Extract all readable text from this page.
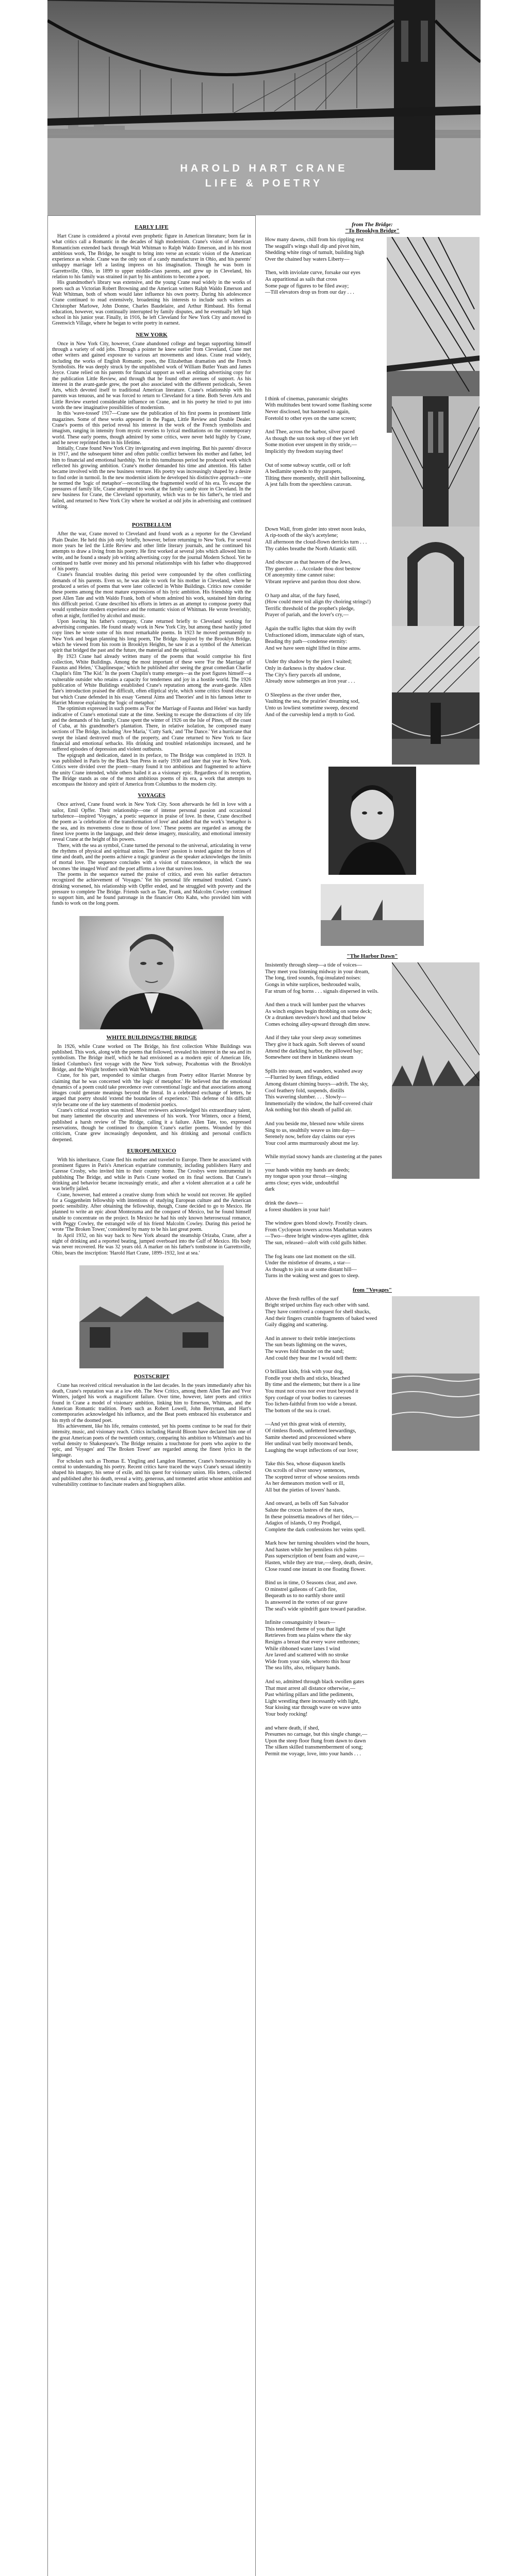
HAROLD HART CRANE
LIFE & POETRY
EARLY LIFE

Hart Crane is considered a pivotal even prophetic figure in American literature; born far in what critics call a Romantic in the decades of high modernism. Crane's vision of American Romanticism extended back through Walt Whitman to Ralph Waldo Emerson, and in his most ambitious work, The Bridge, he sought to bring into verse an ecstatic vision of the American experience as whole. Crane was the only son of a candy manufacturer in Ohio, and his parents' unhappy marriage left a lasting impress on his imagination. Though he was born in Garrettsville, Ohio, in 1899 to upper middle-class parents, and grew up in Cleveland, his relation to his family was strained in part by his ambitions to become a poet.

His grandmother's library was extensive, and the young Crane read widely in the works of poets such as Victorian Robert Browning and the American writers Ralph Waldo Emerson and Walt Whitman, both of whom would later influence his own poetry. During his adolescence Crane continued to read extensively, broadening his interests to include such writers as Christopher Marlowe, John Donne, Charles Baudelaire, and Arthur Rimbaud. His formal education, however, was continually interrupted by family disputes, and he eventually left high school in his junior year. Finally, in 1916, he left Cleveland for New York City and moved to Greenwich Village, where he began to write poetry in earnest.

NEW YORK

Once in New York City, however, Crane abandoned college and began supporting himself through a variety of odd jobs. Through a pointer he knew earlier from Cleveland, Crane met other writers and gained exposure to various art movements and ideas. Crane read widely, including the works of English Romantic poets, the Elizabethan dramatists and the French Symbolists. He was deeply struck by the unpublished work of William Butler Yeats and James Joyce. Crane relied on his parents for financial support as well as editing advertising copy for the publication Little Review, and through that he found other avenues of support. As his interest in the avant-garde grew, the poet also associated with the different periodicals, Seven Arts, which devoted itself to traditional American literature. Crane's relationship with his parents was tenuous, and he was forced to return to Cleveland for a time. Both Seven Arts and Little Review exerted considerable influence on Crane, and in his poetry he tried to put into words the new imaginative possibilities of modernism.

In this 'wave-tossed' 1917—Crane saw the publication of his first poems in prominent little magazines. Some of these works appeared in the Pagan, Little Review and Double Dealer. Crane's poems of this period reveal his interest in the work of the French symbolists and imagism, ranging in intensity from mystic reveries to lyrical meditations on the contemporary world. These early poems, though admired by some critics, were never held highly by Crane, and he never reprinted them in his lifetime.

Initially, Crane found New York City invigorating and even inspiring. But his parents' divorce in 1917, and the subsequent bitter and often public conflict between his mother and father, led him to financial and emotional hardship. Yet in this tumultuous period he produced work which reflected his growing ambition. Crane's mother demanded his time and attention. His father became involved with the new business venture. His poetry was increasingly shaped by a desire to find order in turmoil. In the new modernist idiom he developed his distinctive approach—one he termed the 'logic of metaphor'—reconciling the fragmented world of his era. To escape the pressures of family life, Crane attempted to work at the family candy store in Cleveland. In the new business for Crane, the Cleveland opportunity, which was to be his father's, he tried and failed, and returned to New York City where he worked at odd jobs in advertising and continued writing.

POSTBELLUM

After the war, Crane moved to Cleveland and found work as a reporter for the Cleveland Plain Dealer. He held this job only briefly, however, before returning to New York. For several more years he led the Little Review and other little literary journals, and he continued his attempts to draw a living from his poetry. He first worked at several jobs which allowed him to write, and he found a steady job writing advertising copy for the journal Modern School. Yet he continued to battle over money and his personal relationships with his father who disapproved of his poetry.

Crane's financial troubles during this period were compounded by the often conflicting demands of his parents. Even so, he was able to work for his mother in Cleveland, where he produced a series of poems that were later collected in White Buildings. Critics now consider these poems among the most mature expressions of his lyric ambition. His friendship with the poet Allen Tate and with Waldo Frank, both of whom admired his work, sustained him during this difficult period. Crane described his efforts in letters as an attempt to compose poetry that would synthesize modern experience and the romantic vision of Whitman. He wrote feverishly, often at night, fortified by alcohol and music.

Upon leaving his father's company, Crane returned briefly to Cleveland working for advertising companies. He found steady work in New York City, but among these hastily jotted copy lines he wrote some of his most remarkable poems. In 1923 he moved permanently to New York and began planning his long poem, The Bridge. Inspired by the Brooklyn Bridge, which he viewed from his room in Brooklyn Heights, he saw it as a symbol of the American spirit that bridged the past and the future, the material and the spiritual.

By 1923 Crane had already written many of the poems that would comprise his first collection, White Buildings. Among the most important of these were 'For the Marriage of Faustus and Helen,' 'Chaplinesque,' which he published after seeing the great comedian Charlie Chaplin's film 'The Kid.' In the poem Chaplin's tramp emerges—as the poet figures himself—a vulnerable outsider who retains a capacity for tenderness and joy in a hostile world. The 1926 publication of White Buildings established Crane's reputation among the avant-garde. Allen Tate's introduction praised the difficult, often elliptical style, which some critics found obscure but which Crane defended in his essay 'General Aims and Theories' and in his famous letter to Harriet Monroe explaining the 'logic of metaphor.'

The optimism expressed in such poems as 'For the Marriage of Faustus and Helen' was hardly indicative of Crane's emotional state at the time. Seeking to escape the distractions of city life and the demands of his family, Crane spent the winter of 1926 on the Isle of Pines, off the coast of Cuba, at his grandmother's plantation. There, in relative isolation, he composed many sections of The Bridge, including 'Ave Maria,' 'Cutty Sark,' and 'The Dance.' Yet a hurricane that swept the island destroyed much of the property, and Crane returned to New York to face financial and emotional setbacks. His drinking and troubled relationships increased, and he suffered episodes of depression and violent outbursts.

The epigraph and dedication, dated in its preface, to The Bridge was completed in 1929. It was published in Paris by the Black Sun Press in early 1930 and later that year in New York. Critics were divided over the poem—many found it too ambitious and fragmented to achieve the unity Crane intended, while others hailed it as a visionary epic. Regardless of its reception, The Bridge stands as one of the most ambitious poems of its era, a work that attempts to encompass the history and spirit of America from Columbus to the modern city.

VOYAGES

Once arrived, Crane found work in New York City. Soon afterwards he fell in love with a sailor, Emil Opffer. Their relationship—one of intense personal passion and occasional turbulence—inspired 'Voyages,' a poetic sequence in praise of love. In these, Crane described the poem as 'a celebration of the transformation of love' and added that the work's 'metaphor is the sea, and its movements close to those of love.' These poems are regarded as among the finest love poems in the language, and their dense imagery, musicality, and emotional intensity reveal Crane at the height of his powers.

There, with the sea as symbol, Crane turned the personal to the universal, articulating in verse the rhythms of physical and spiritual union. The lovers' passion is tested against the forces of time and death, and the poems achieve a tragic grandeur as the speaker acknowledges the limits of mortal love. The sequence concludes with a vision of transcendence, in which the sea becomes 'the imaged Word' and the poet affirms a love that survives loss.

The poems in the sequence earned the praise of critics, and even his earlier detractors recognized the achievement of 'Voyages.' Yet his personal life remained troubled. Crane's drinking worsened, his relationship with Opffer ended, and he struggled with poverty and the pressure to complete The Bridge. Friends such as Tate, Frank, and Malcolm Cowley continued to support him, and he found patronage in the financier Otto Kahn, who provided him with funds to work on the long poem.

WHITE BUILDINGS/THE BRIDGE

In 1926, while Crane worked on The Bridge, his first collection White Buildings was published. This work, along with the poems that followed, revealed his interest in the sea and its symbolism. The Bridge itself, which he had envisioned as a modern epic of American life, linked Columbus's first voyage with the New York subway, Pocahontas with the Brooklyn Bridge, and the Wright brothers with Walt Whitman.

Crane, for his part, responded to similar charges from Poetry editor Harriet Monroe by claiming that he was concerned with 'the logic of metaphor.' He believed that the emotional dynamics of a poem could take precedence over conventional logic and that associations among images could generate meanings beyond the literal. In a celebrated exchange of letters, he argued that poetry should 'extend the boundaries of experience.' This defense of his difficult style became one of the key statements of modernist poetics.

Crane's critical reception was mixed. Most reviewers acknowledged his extraordinary talent, but many lamented the obscurity and unevenness of his work. Yvor Winters, once a friend, published a harsh review of The Bridge, calling it a failure. Allen Tate, too, expressed reservations, though he continued to champion Crane's earlier poems. Wounded by this criticism, Crane grew increasingly despondent, and his drinking and personal conflicts deepened.

EUROPE/MEXICO

With his inheritance, Crane fled his mother and traveled to Europe. There he associated with prominent figures in Paris's American expatriate community, including publishers Harry and Caresse Crosby, who invited him to their country home. The Crosbys were instrumental in publishing The Bridge, and while in Paris Crane worked on its final sections. But Crane's drinking and behavior became increasingly erratic, and after a violent altercation at a café he was briefly jailed.

Crane, however, had entered a creative slump from which he would not recover. He applied for a Guggenheim fellowship with intentions of studying European culture and the American poetic sensibility. After obtaining the fellowship, though, Crane decided to go to Mexico. He planned to write an epic about Montezuma and the conquest of Mexico, but he found himself unable to concentrate on the project. In Mexico he had his only known heterosexual romance, with Peggy Cowley, the estranged wife of his friend Malcolm Cowley. During this period he wrote 'The Broken Tower,' considered by many to be his last great poem.

In April 1932, on his way back to New York aboard the steamship Orizaba, Crane, after a night of drinking and a reported beating, jumped overboard into the Gulf of Mexico. His body was never recovered. He was 32 years old. A marker on his father's tombstone in Garrettsville, Ohio, bears the inscription: 'Harold Hart Crane, 1899–1932, lost at sea.'

POSTSCRIPT

Crane has received critical reevaluation in the last decades. In the years immediately after his death, Crane's reputation was at a low ebb. The New Critics, among them Allen Tate and Yvor Winters, judged his work a magnificent failure. Over time, however, later poets and critics found in Crane a model of visionary ambition, linking him to Emerson, Whitman, and the American Romantic tradition. Poets such as Robert Lowell, John Berryman, and Hart's contemporaries acknowledged his influence, and the Beat poets embraced his exuberance and his myth of the doomed poet.

His achievement, like his life, remains contested, yet his poems continue to be read for their intensity, music, and visionary reach. Critics including Harold Bloom have declared him one of the great American poets of the twentieth century, comparing his ambition to Whitman's and his verbal density to Shakespeare's. The Bridge remains a touchstone for poets who aspire to the epic, and 'Voyages' and 'The Broken Tower' are regarded among the finest lyrics in the language.

For scholars such as Thomas E. Yingling and Langdon Hammer, Crane's homosexuality is central to understanding his poetry. Recent critics have traced the ways Crane's sexual identity shaped his imagery, his sense of exile, and his quest for visionary union. His letters, collected and published after his death, reveal a witty, generous, and tormented artist whose ambition and vulnerability continue to fascinate readers and biographers alike.

from The Bridge:
"To Brooklyn Bridge"

How many dawns, chill from his rippling rest

The seagull's wings shall dip and pivot him,

Shedding white rings of tumult, building high

Over the chained bay waters Liberty—

Then, with inviolate curve, forsake our eyes

As apparitional as sails that cross

Some page of figures to be filed away;

—Till elevators drop us from our day . . .

I think of cinemas, panoramic sleights

With multitudes bent toward some flashing scene

Never disclosed, but hastened to again,

Foretold to other eyes on the same screen;

And Thee, across the harbor, silver paced

As though the sun took step of thee yet left

Some motion ever unspent in thy stride,—

Implicitly thy freedom staying thee!

Out of some subway scuttle, cell or loft

A bedlamite speeds to thy parapets,

Tilting there momently, shrill shirt ballooning,

A jest falls from the speechless caravan.

Down Wall, from girder into street noon leaks,

A rip-tooth of the sky's acetylene;

All afternoon the cloud-flown derricks turn . . .

Thy cables breathe the North Atlantic still.

And obscure as that heaven of the Jews,

Thy guerdon . . . Accolade thou dost bestow

Of anonymity time cannot raise:

Vibrant reprieve and pardon thou dost show.

O harp and altar, of the fury fused,

(How could mere toil align thy choiring strings!)

Terrific threshold of the prophet's pledge,

Prayer of pariah, and the lover's cry,—

Again the traffic lights that skim thy swift

Unfractioned idiom, immaculate sigh of stars,

Beading thy path—condense eternity:

And we have seen night lifted in thine arms.

Under thy shadow by the piers I waited;

Only in darkness is thy shadow clear.

The City's fiery parcels all undone,

Already snow submerges an iron year . . .

O Sleepless as the river under thee,

Vaulting the sea, the prairies' dreaming sod,

Unto us lowliest sometime sweep, descend

And of the curveship lend a myth to God.

"The Harbor Dawn"

Insistently through sleep—a tide of voices—

They meet you listening midway in your dream,

The long, tired sounds, fog-insulated noises:

Gongs in white surplices, beshrouded wails,

Far strum of fog horns . . . signals dispersed in veils.

And then a truck will lumber past the wharves

As winch engines begin throbbing on some deck;

Or a drunken stevedore's howl and thud below

Comes echoing alley-upward through dim snow.

And if they take your sleep away sometimes

They give it back again. Soft sleeves of sound

Attend the darkling harbor, the pillowed bay;

Somewhere out there in blankness steam

Spills into steam, and wanders, washed away

—Flurried by keen fifings, eddied

Among distant chiming buoys—adrift. The sky,

Cool feathery fold, suspends, distills

This wavering slumber. . . . Slowly—

Immemorially the window, the half-covered chair

Ask nothing but this sheath of pallid air.

And you beside me, blessed now while sirens

Sing to us, stealthily weave us into day—

Serenely now, before day claims our eyes

Your cool arms murmurously about me lay.

While myriad snowy hands are clustering at the panes—

your hands within my hands are deeds;

my tongue upon your throat—singing

arms close; eyes wide, undoubtful

dark

drink the dawn—

a forest shudders in your hair!

The window goes blond slowly. Frostily clears.

From Cyclopean towers across Manhattan waters

—Two—three bright window-eyes aglitter, disk

The sun, released—aloft with cold gulls hither.

The fog leans one last moment on the sill.

Under the mistletoe of dreams, a star—

As though to join us at some distant hill—

Turns in the waking west and goes to sleep.

from "Voyages"

Above the fresh ruffles of the surf

Bright striped urchins flay each other with sand.

They have contrived a conquest for shell shucks,

And their fingers crumble fragments of baked weed

Gaily digging and scattering.

And in answer to their treble interjections

The sun beats lightning on the waves,

The waves fold thunder on the sand;

And could they hear me I would tell them:

O brilliant kids, frisk with your dog,

Fondle your shells and sticks, bleached

By time and the elements; but there is a line

You must not cross nor ever trust beyond it

Spry cordage of your bodies to caresses

Too lichen-faithful from too wide a breast.

The bottom of the sea is cruel.

—And yet this great wink of eternity,

Of rimless floods, unfettered leewardings,

Samite sheeted and processioned where

Her undinal vast belly moonward bends,

Laughing the wrapt inflections of our love;

Take this Sea, whose diapason knells

On scrolls of silver snowy sentences,

The sceptred terror of whose sessions rends

As her demeanors motion well or ill,

All but the pieties of lovers' hands.

And onward, as bells off San Salvador

Salute the crocus lustres of the stars,

In these poinsettia meadows of her tides,—

Adagios of islands, O my Prodigal,

Complete the dark confessions her veins spell.

Mark how her turning shoulders wind the hours,

And hasten while her penniless rich palms

Pass superscription of bent foam and wave,—

Hasten, while they are true,—sleep, death, desire,

Close round one instant in one floating flower.

Bind us in time, O Seasons clear, and awe.

O minstrel galleons of Carib fire,

Bequeath us to no earthly shore until

Is answered in the vortex of our grave

The seal's wide spindrift gaze toward paradise.

Infinite consanguinity it bears—

This tendered theme of you that light

Retrieves from sea plains where the sky

Resigns a breast that every wave enthrones;

While ribboned water lanes I wind

Are laved and scattered with no stroke

Wide from your side, whereto this hour

The sea lifts, also, reliquary hands.

And so, admitted through black swollen gates

That must arrest all distance otherwise,—

Past whirling pillars and lithe pediments,

Light wrestling there incessantly with light,

Star kissing star through wave on wave unto

Your body rocking!

and where death, if shed,

Presumes no carnage, but this single change,—

Upon the steep floor flung from dawn to dawn

The silken skilled transmemberment of song;

Permit me voyage, love, into your hands . . .
